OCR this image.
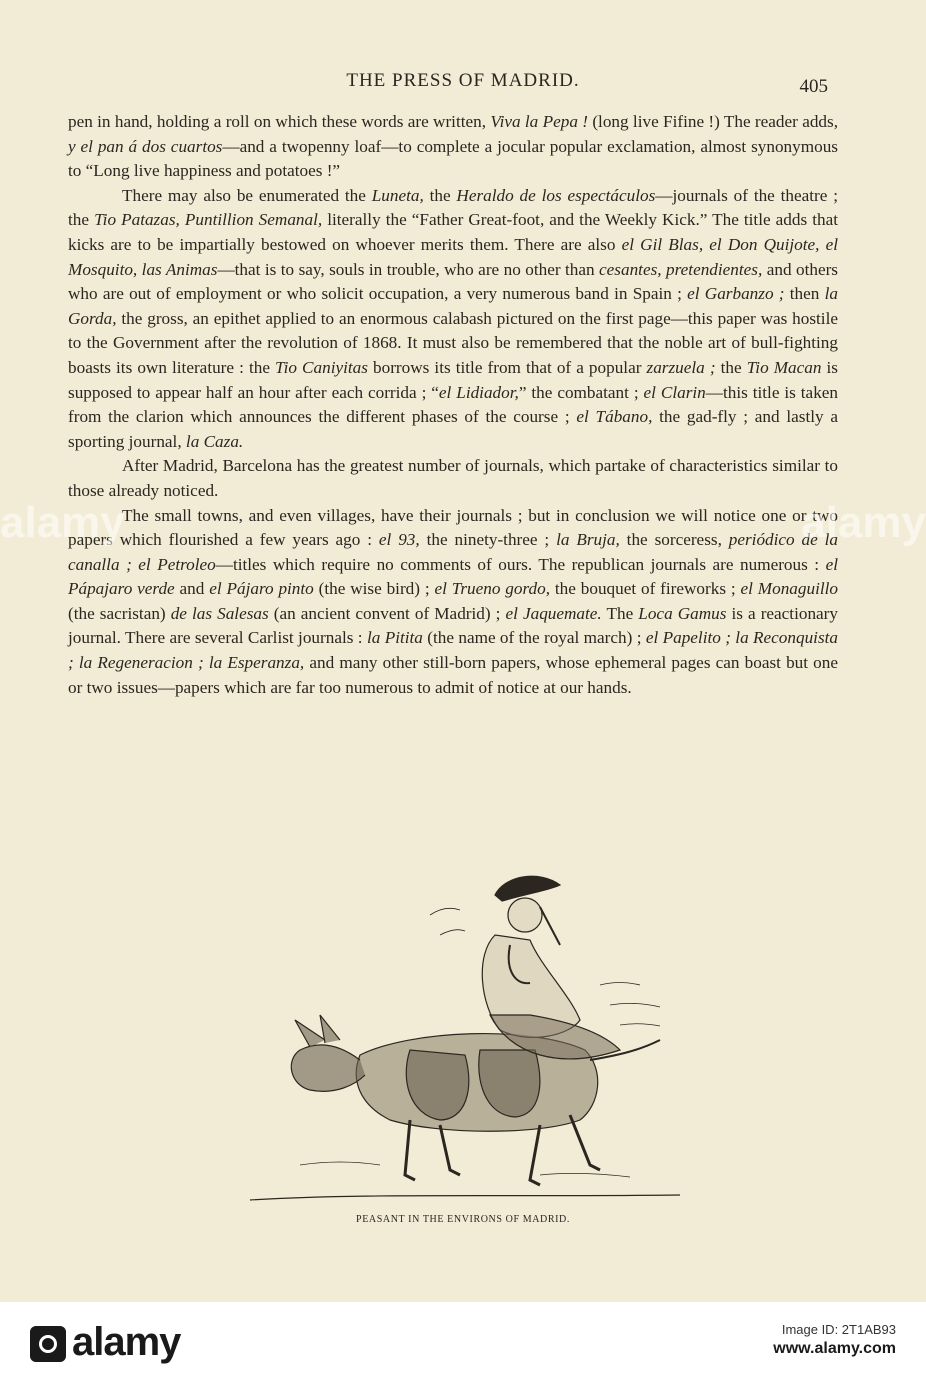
THE PRESS OF MADRID.	405

pen in hand, holding a roll on which these words are written, Viva la Pepa ! (long live Fifine !) The reader adds, y el pan á dos cuartos—and a twopenny loaf—to complete a jocular popular exclamation, almost synonymous to “Long live happiness and potatoes !”

There may also be enumerated the Luneta, the Heraldo de los espectáculos—journals of the theatre ; the Tio Patazas, Puntillion Semanal, literally the “Father Great-foot, and the Weekly Kick.” The title adds that kicks are to be impartially bestowed on whoever merits them. There are also el Gil Blas, el Don Quijote, el Mosquito, las Animas—that is to say, souls in trouble, who are no other than cesantes, pretendientes, and others who are out of employment or who solicit occupation, a very numerous band in Spain ; el Garbanzo ; then la Gorda, the gross, an epithet applied to an enormous calabash pictured on the first page—this paper was hostile to the Government after the revolution of 1868. It must also be remembered that the noble art of bull-fighting boasts its own literature : the Tio Caniyitas borrows its title from that of a popular zarzuela ; the Tio Macan is supposed to appear half an hour after each corrida ; “el Lidiador,” the combatant ; el Clarin—this title is taken from the clarion which announces the different phases of the course ; el Tábano, the gad-fly ; and lastly a sporting journal, la Caza.

After Madrid, Barcelona has the greatest number of journals, which partake of characteristics similar to those already noticed.

The small towns, and even villages, have their journals ; but in conclusion we will notice one or two papers which flourished a few years ago : el 93, the ninety-three ; la Bruja, the sorceress, periódico de la canalla ; el Petroleo—titles which require no comments of ours. The republican journals are numerous : el Pápajaro verde and el Pájaro pinto (the wise bird) ; el Trueno gordo, the bouquet of fireworks ; el Monaguillo (the sacristan) de las Salesas (an ancient convent of Madrid) ; el Jaquemate. The Loca Gamus is a reactionary journal. There are several Carlist journals : la Pitita (the name of the royal march) ; el Papelito ; la Reconquista ; la Regeneracion ; la Esperanza, and many other still-born papers, whose ephemeral pages can boast but one or two issues—papers which are far too numerous to admit of notice at our hands.

PEASANT IN THE ENVIRONS OF MADRID.
alamy	alamy
alamy	Image ID: 2T1AB93
www.alamy.com
